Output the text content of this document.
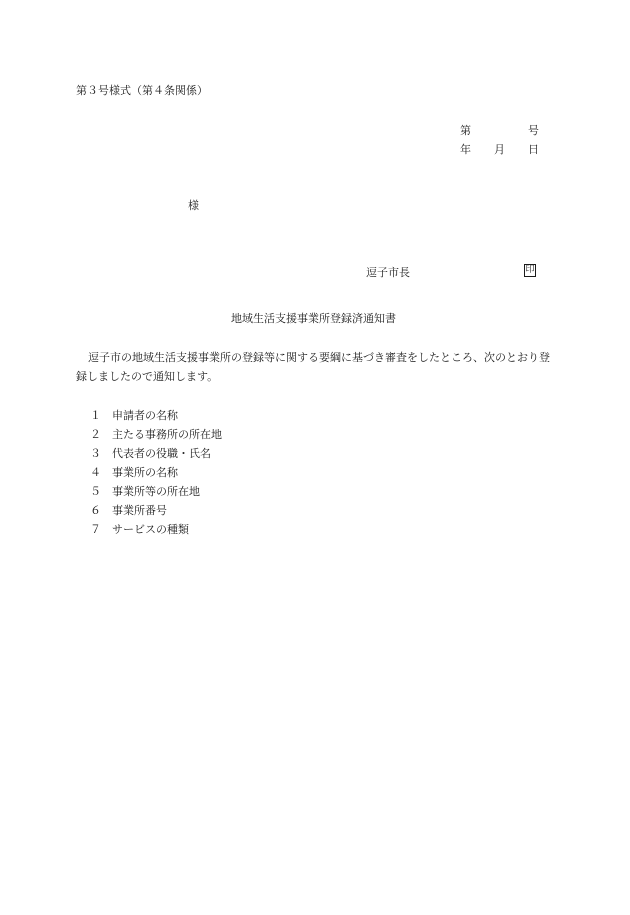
第３号様式（第４条関係）
第	号
年 月 日
様
逗子市長	印
地域生活支援事業所登録済通知書
逗子市の地域生活支援事業所の登録等に関する要綱に基づき審査をしたところ、次のとおり登録しましたので通知します。
１	申請者の名称
２	主たる事務所の所在地
３	代表者の役職・氏名
４	事業所の名称
５	事業所等の所在地
６	事業所番号
７	サービスの種類
